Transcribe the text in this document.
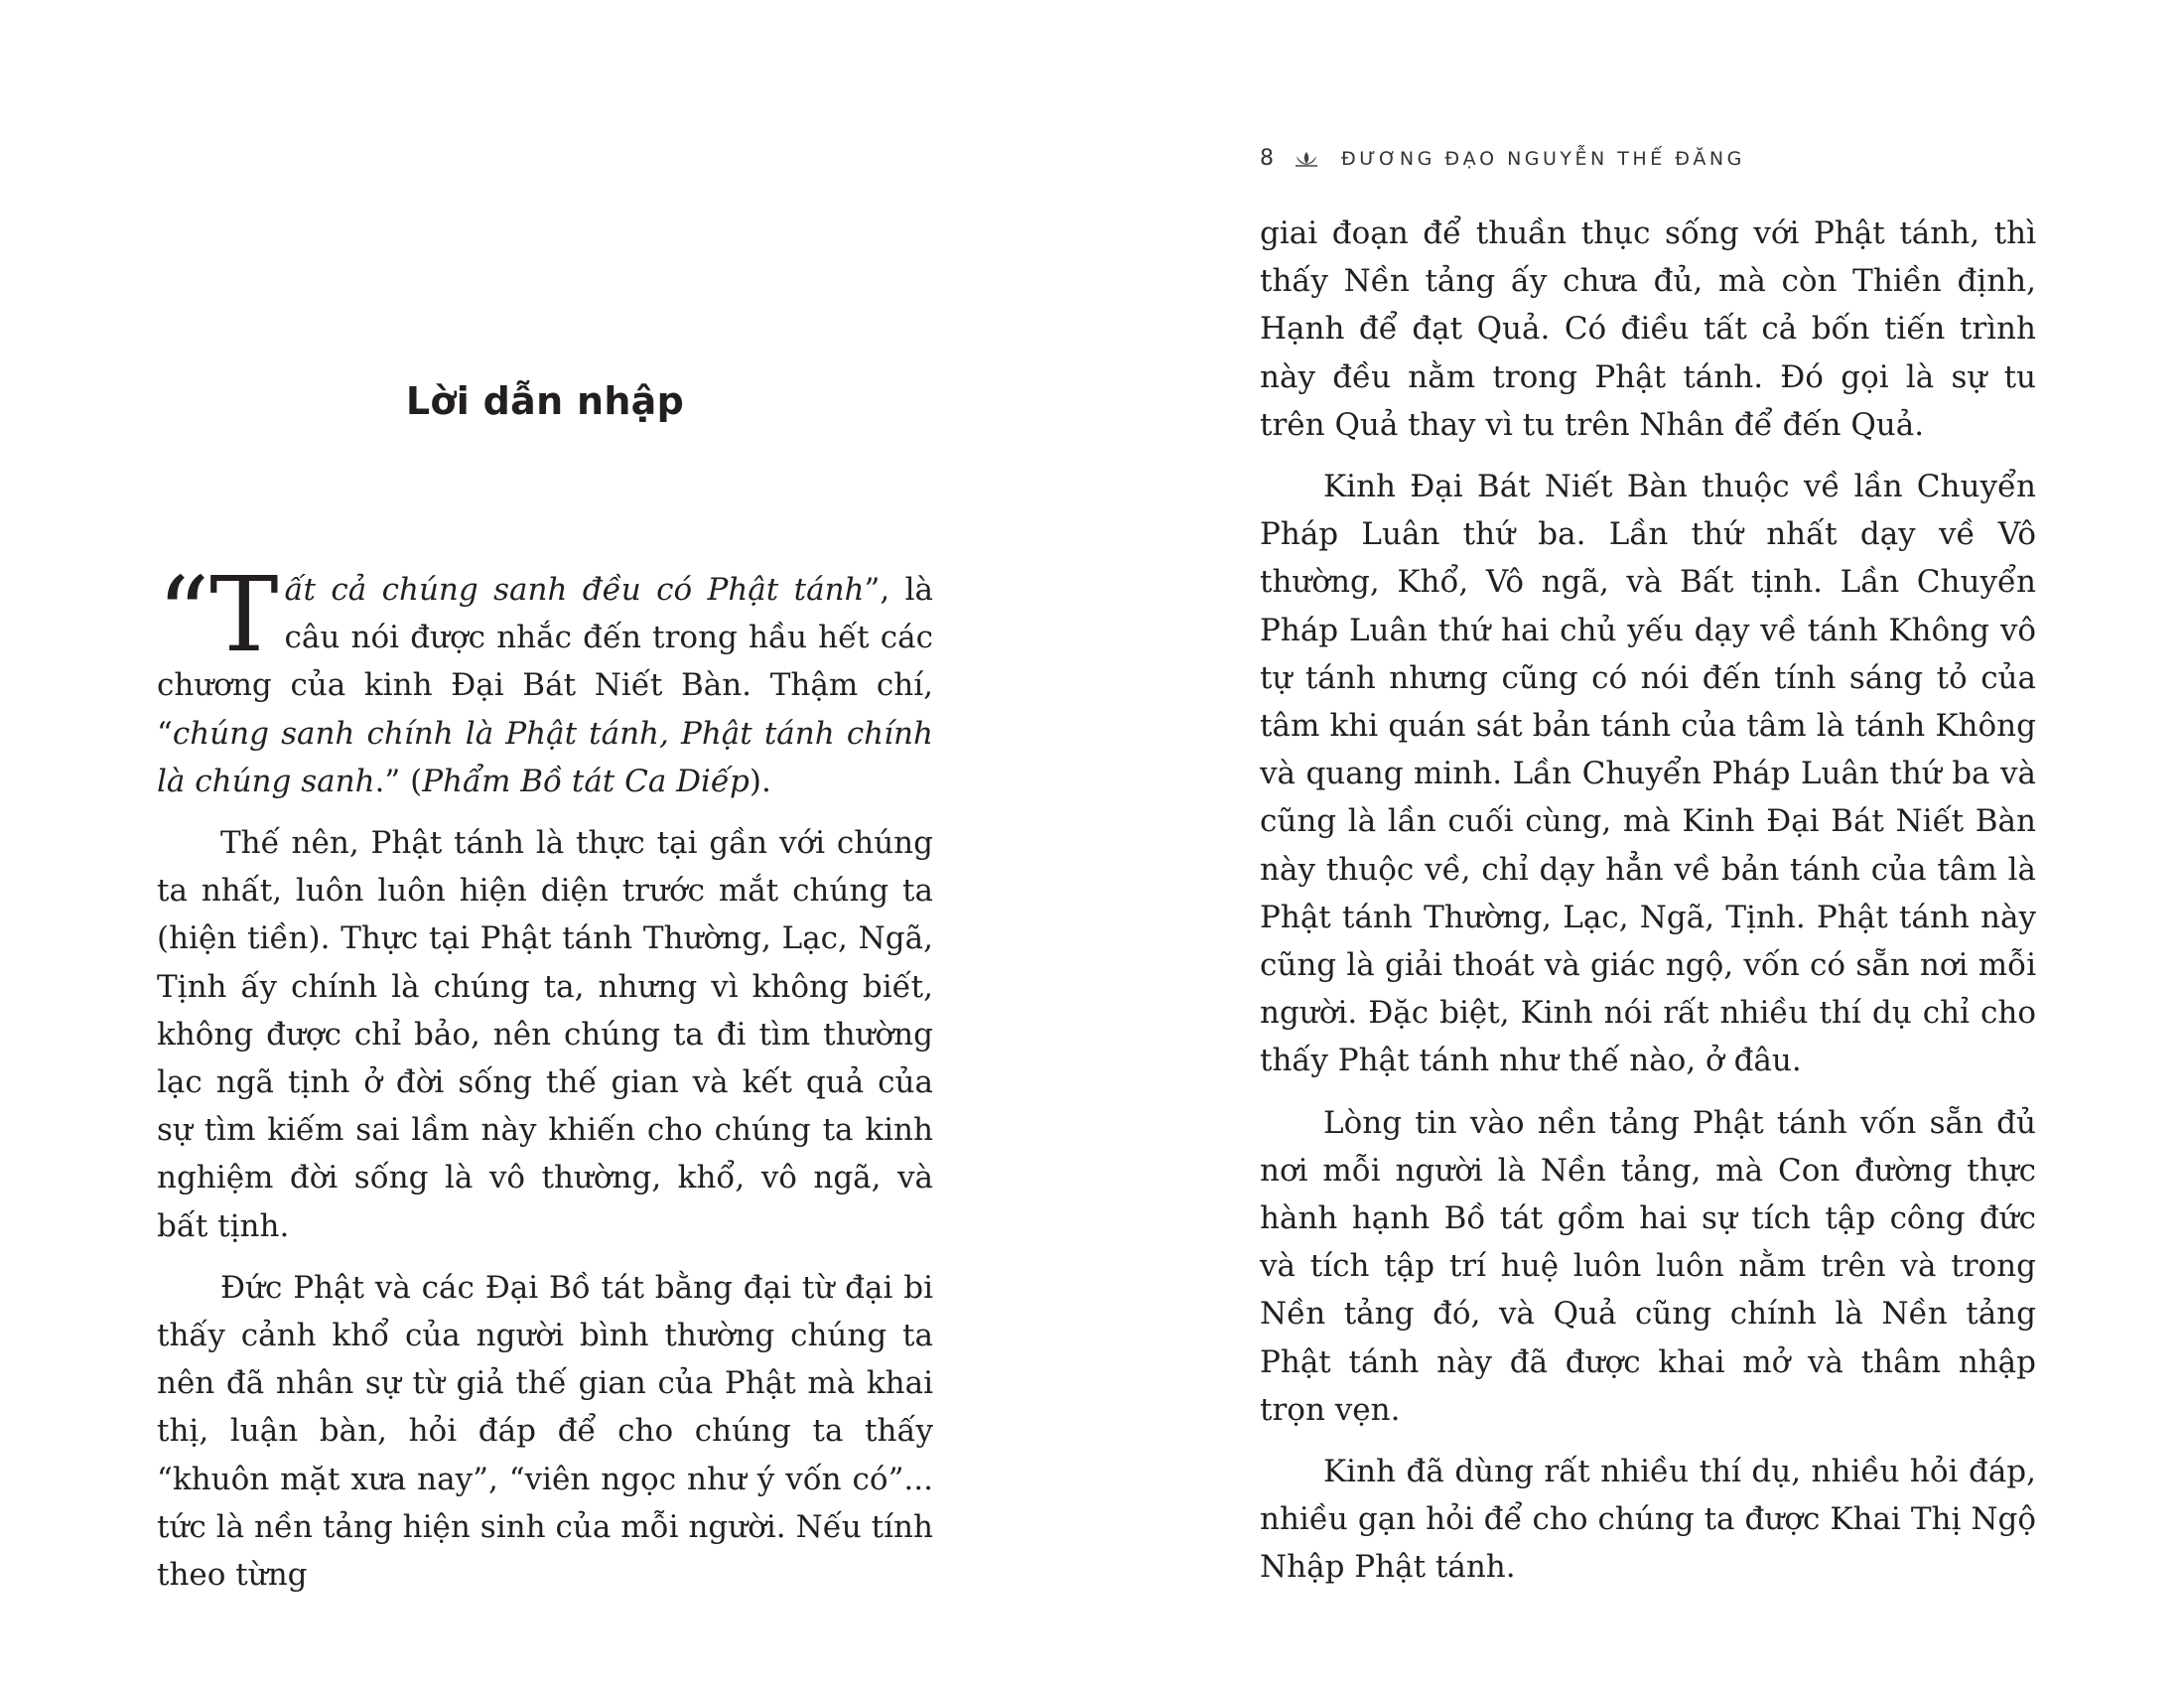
Lời dẫn nhập

“Tất cả chúng sanh đều có Phật tánh”, là câu nói được nhắc đến trong hầu hết các chương của kinh Đại Bát Niết Bàn. Thậm chí, “chúng sanh chính là Phật tánh, Phật tánh chính là chúng sanh.” (Phẩm Bồ tát Ca Diếp).

Thế nên, Phật tánh là thực tại gần với chúng ta nhất, luôn luôn hiện diện trước mắt chúng ta (hiện tiền). Thực tại Phật tánh Thường, Lạc, Ngã, Tịnh ấy chính là chúng ta, nhưng vì không biết, không được chỉ bảo, nên chúng ta đi tìm thường lạc ngã tịnh ở đời sống thế gian và kết quả của sự tìm kiếm sai lầm này khiến cho chúng ta kinh nghiệm đời sống là vô thường, khổ, vô ngã, và bất tịnh.

Đức Phật và các Đại Bồ tát bằng đại từ đại bi thấy cảnh khổ của người bình thường chúng ta nên đã nhân sự từ giả thế gian của Phật mà khai thị, luận bàn, hỏi đáp để cho chúng ta thấy “khuôn mặt xưa nay”, “viên ngọc như ý vốn có”... tức là nền tảng hiện sinh của mỗi người. Nếu tính theo từng

8	ĐƯƠNG ĐẠO NGUYỄN THẾ ĐĂNG

giai đoạn để thuần thục sống với Phật tánh, thì thấy Nền tảng ấy chưa đủ, mà còn Thiền định, Hạnh để đạt Quả. Có điều tất cả bốn tiến trình này đều nằm trong Phật tánh. Đó gọi là sự tu trên Quả thay vì tu trên Nhân để đến Quả.

Kinh Đại Bát Niết Bàn thuộc về lần Chuyển Pháp Luân thứ ba. Lần thứ nhất dạy về Vô thường, Khổ, Vô ngã, và Bất tịnh. Lần Chuyển Pháp Luân thứ hai chủ yếu dạy về tánh Không vô tự tánh nhưng cũng có nói đến tính sáng tỏ của tâm khi quán sát bản tánh của tâm là tánh Không và quang minh. Lần Chuyển Pháp Luân thứ ba và cũng là lần cuối cùng, mà Kinh Đại Bát Niết Bàn này thuộc về, chỉ dạy hẳn về bản tánh của tâm là Phật tánh Thường, Lạc, Ngã, Tịnh. Phật tánh này cũng là giải thoát và giác ngộ, vốn có sẵn nơi mỗi người. Đặc biệt, Kinh nói rất nhiều thí dụ chỉ cho thấy Phật tánh như thế nào, ở đâu.

Lòng tin vào nền tảng Phật tánh vốn sẵn đủ nơi mỗi người là Nền tảng, mà Con đường thực hành hạnh Bồ tát gồm hai sự tích tập công đức và tích tập trí huệ luôn luôn nằm trên và trong Nền tảng đó, và Quả cũng chính là Nền tảng Phật tánh này đã được khai mở và thâm nhập trọn vẹn.

Kinh đã dùng rất nhiều thí dụ, nhiều hỏi đáp, nhiều gạn hỏi để cho chúng ta được Khai Thị Ngộ Nhập Phật tánh.
